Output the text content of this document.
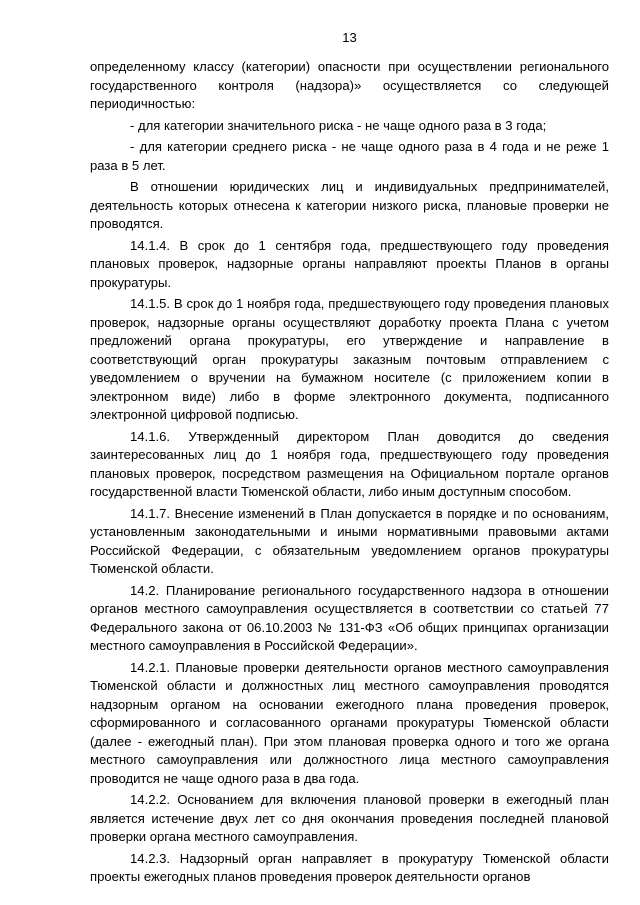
13

определенному классу (категории) опасности при осуществлении регионального государственного контроля (надзора)» осуществляется со следующей периодичностью:

- для категории значительного риска - не чаще одного раза в 3 года;

- для категории среднего риска - не чаще одного раза в 4 года и не реже 1 раза в 5 лет.

В отношении юридических лиц и индивидуальных предпринимателей, деятельность которых отнесена к категории низкого риска, плановые проверки не проводятся.

14.1.4. В срок до 1 сентября года, предшествующего году проведения плановых проверок, надзорные органы направляют проекты Планов в органы прокуратуры.

14.1.5. В срок до 1 ноября года, предшествующего году проведения плановых проверок, надзорные органы осуществляют доработку проекта Плана с учетом предложений органа прокуратуры, его утверждение и направление в соответствующий орган прокуратуры заказным почтовым отправлением с уведомлением о вручении на бумажном носителе (с приложением копии в электронном виде) либо в форме электронного документа, подписанного электронной цифровой подписью.

14.1.6. Утвержденный директором План доводится до сведения заинтересованных лиц до 1 ноября года, предшествующего году проведения плановых проверок, посредством размещения на Официальном портале органов государственной власти Тюменской области, либо иным доступным способом.

14.1.7. Внесение изменений в План допускается в порядке и по основаниям, установленным законодательными и иными нормативными правовыми актами Российской Федерации, с обязательным уведомлением органов прокуратуры Тюменской области.

14.2. Планирование регионального государственного надзора в отношении органов местного самоуправления осуществляется в соответствии со статьей 77 Федерального закона от 06.10.2003 № 131-ФЗ «Об общих принципах организации местного самоуправления в Российской Федерации».

14.2.1. Плановые проверки деятельности органов местного самоуправления Тюменской области и должностных лиц местного самоуправления проводятся надзорным органом на основании ежегодного плана проведения проверок, сформированного и согласованного органами прокуратуры Тюменской области (далее - ежегодный план). При этом плановая проверка одного и того же органа местного самоуправления или должностного лица местного самоуправления проводится не чаще одного раза в два года.

14.2.2. Основанием для включения плановой проверки в ежегодный план является истечение двух лет со дня окончания проведения последней плановой проверки органа местного самоуправления.

14.2.3. Надзорный орган направляет в прокуратуру Тюменской области проекты ежегодных планов проведения проверок деятельности органов
